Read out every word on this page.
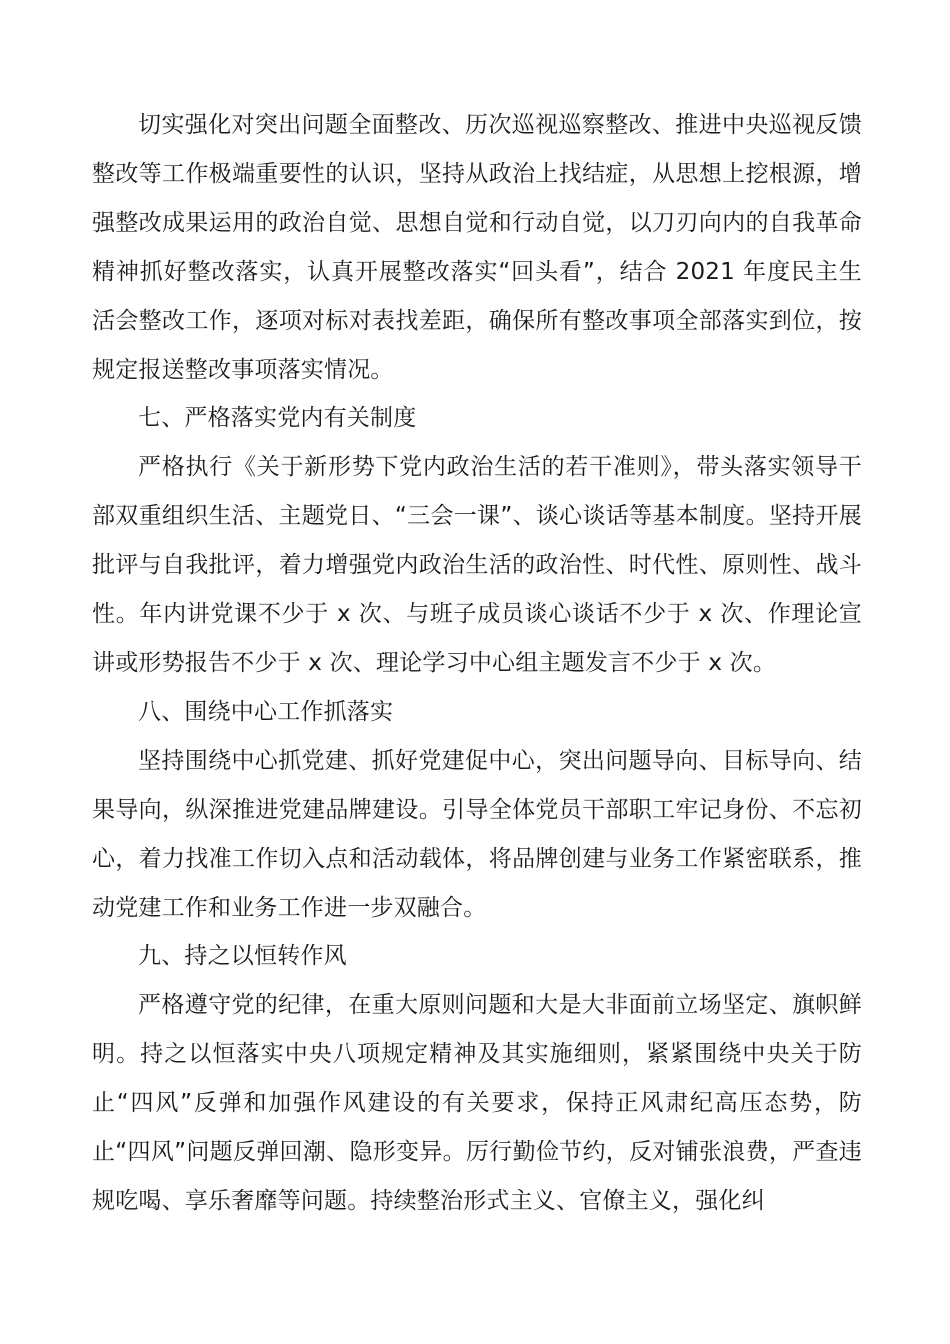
切实强化对突出问题全面整改、历次巡视巡察整改、推进中央巡视反馈整改等工作极端重要性的认识，坚持从政治上找结症，从思想上挖根源，增强整改成果运用的政治自觉、思想自觉和行动自觉，以刀刃向内的自我革命精神抓好整改落实，认真开展整改落实“回头看”，结合 2021 年度民主生活会整改工作，逐项对标对表找差距，确保所有整改事项全部落实到位，按规定报送整改事项落实情况。

七、严格落实党内有关制度

严格执行《关于新形势下党内政治生活的若干准则》，带头落实领导干部双重组织生活、主题党日、“三会一课”、谈心谈话等基本制度。坚持开展批评与自我批评，着力增强党内政治生活的政治性、时代性、原则性、战斗性。年内讲党课不少于 x 次、与班子成员谈心谈话不少于 x 次、作理论宣讲或形势报告不少于 x 次、理论学习中心组主题发言不少于 x 次。

八、围绕中心工作抓落实

坚持围绕中心抓党建、抓好党建促中心，突出问题导向、目标导向、结果导向，纵深推进党建品牌建设。引导全体党员干部职工牢记身份、不忘初心，着力找准工作切入点和活动载体，将品牌创建与业务工作紧密联系，推动党建工作和业务工作进一步双融合。

九、持之以恒转作风

严格遵守党的纪律，在重大原则问题和大是大非面前立场坚定、旗帜鲜明。持之以恒落实中央八项规定精神及其实施细则，紧紧围绕中央关于防止“四风”反弹和加强作风建设的有关要求，保持正风肃纪高压态势，防止“四风”问题反弹回潮、隐形变异。厉行勤俭节约，反对铺张浪费，严查违规吃喝、享乐奢靡等问题。持续整治形式主义、官僚主义，强化纠
